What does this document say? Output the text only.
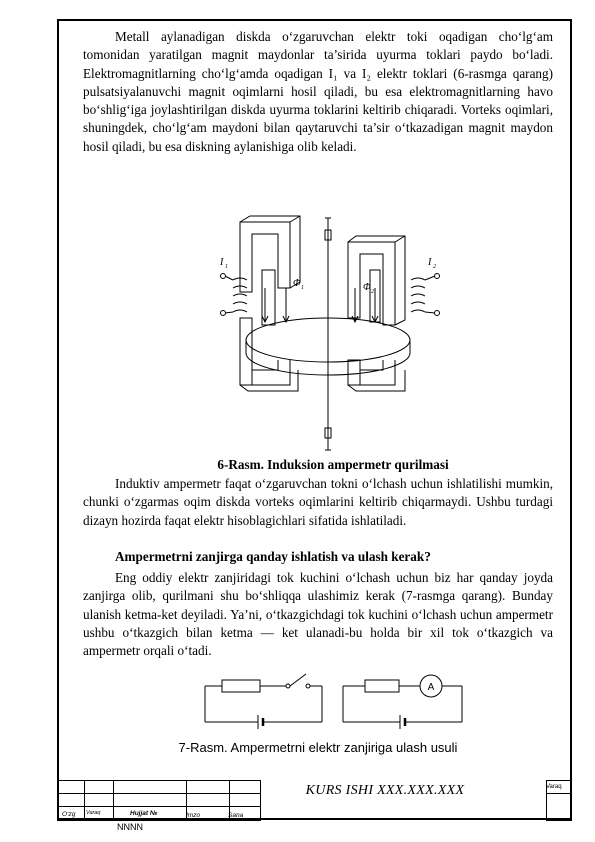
Metall aylanadigan diskda o‘zgaruvchan elektr toki oqadigan cho‘lg‘am tomonidan yaratilgan magnit maydonlar ta’sirida uyurma toklari paydo bo‘ladi. Elektromagnitlarning cho‘lg‘amda oqadigan I₁ va I₂ elektr toklari (6-rasmga qarang) pulsatsiyalanuvchi magnit oqimlarni hosil qiladi, bu esa elektromagnitlarning havo bo‘shlig‘iga joylashtirilgan diskda uyurma toklarini keltirib chiqaradi. Vorteks oqimlari, shuningdek, cho‘lg‘am maydoni bilan qaytaruvchi ta’sir o‘tkazadigan magnit maydon hosil qiladi, bu esa diskning aylanishiga olib keladi.

I 1	I 2
Φ 1	Φ 2
6-Rasm. Induksion ampermetr qurilmasi

Induktiv ampermetr faqat o‘zgaruvchan tokni o‘lchash uchun ishlatilishi mumkin, chunki o‘zgarmas oqim diskda vorteks oqimlarini keltirib chiqarmaydi. Ushbu turdagi dizayn hozirda faqat elektr hisoblagichlari sifatida ishlatiladi.

Ampermetrni zanjirga qanday ishlatish va ulash kerak?

Eng oddiy elektr zanjiridagi tok kuchini o‘lchash uchun biz har qanday joyda zanjirga olib, qurilmani shu bo‘shliqqa ulashimiz kerak (7-rasmga qarang). Bunday ulanish ketma-ket deyiladi. Ya’ni, o‘tkazgichdagi tok kuchini o‘lchash uchun ampermetr ushbu o‘tkazgich bilan ketma — ket ulanadi-bu holda bir xil tok o‘tkazgich va ampermetr orqali o‘tadi.

A
7-Rasm. Ampermetrni elektr zanjiriga ulash usuli

KURS ISHI XXX.XXX.XXX	Varaq
O‘zg Varaq	Hujjat №	Imzo	Sana
NNNN
